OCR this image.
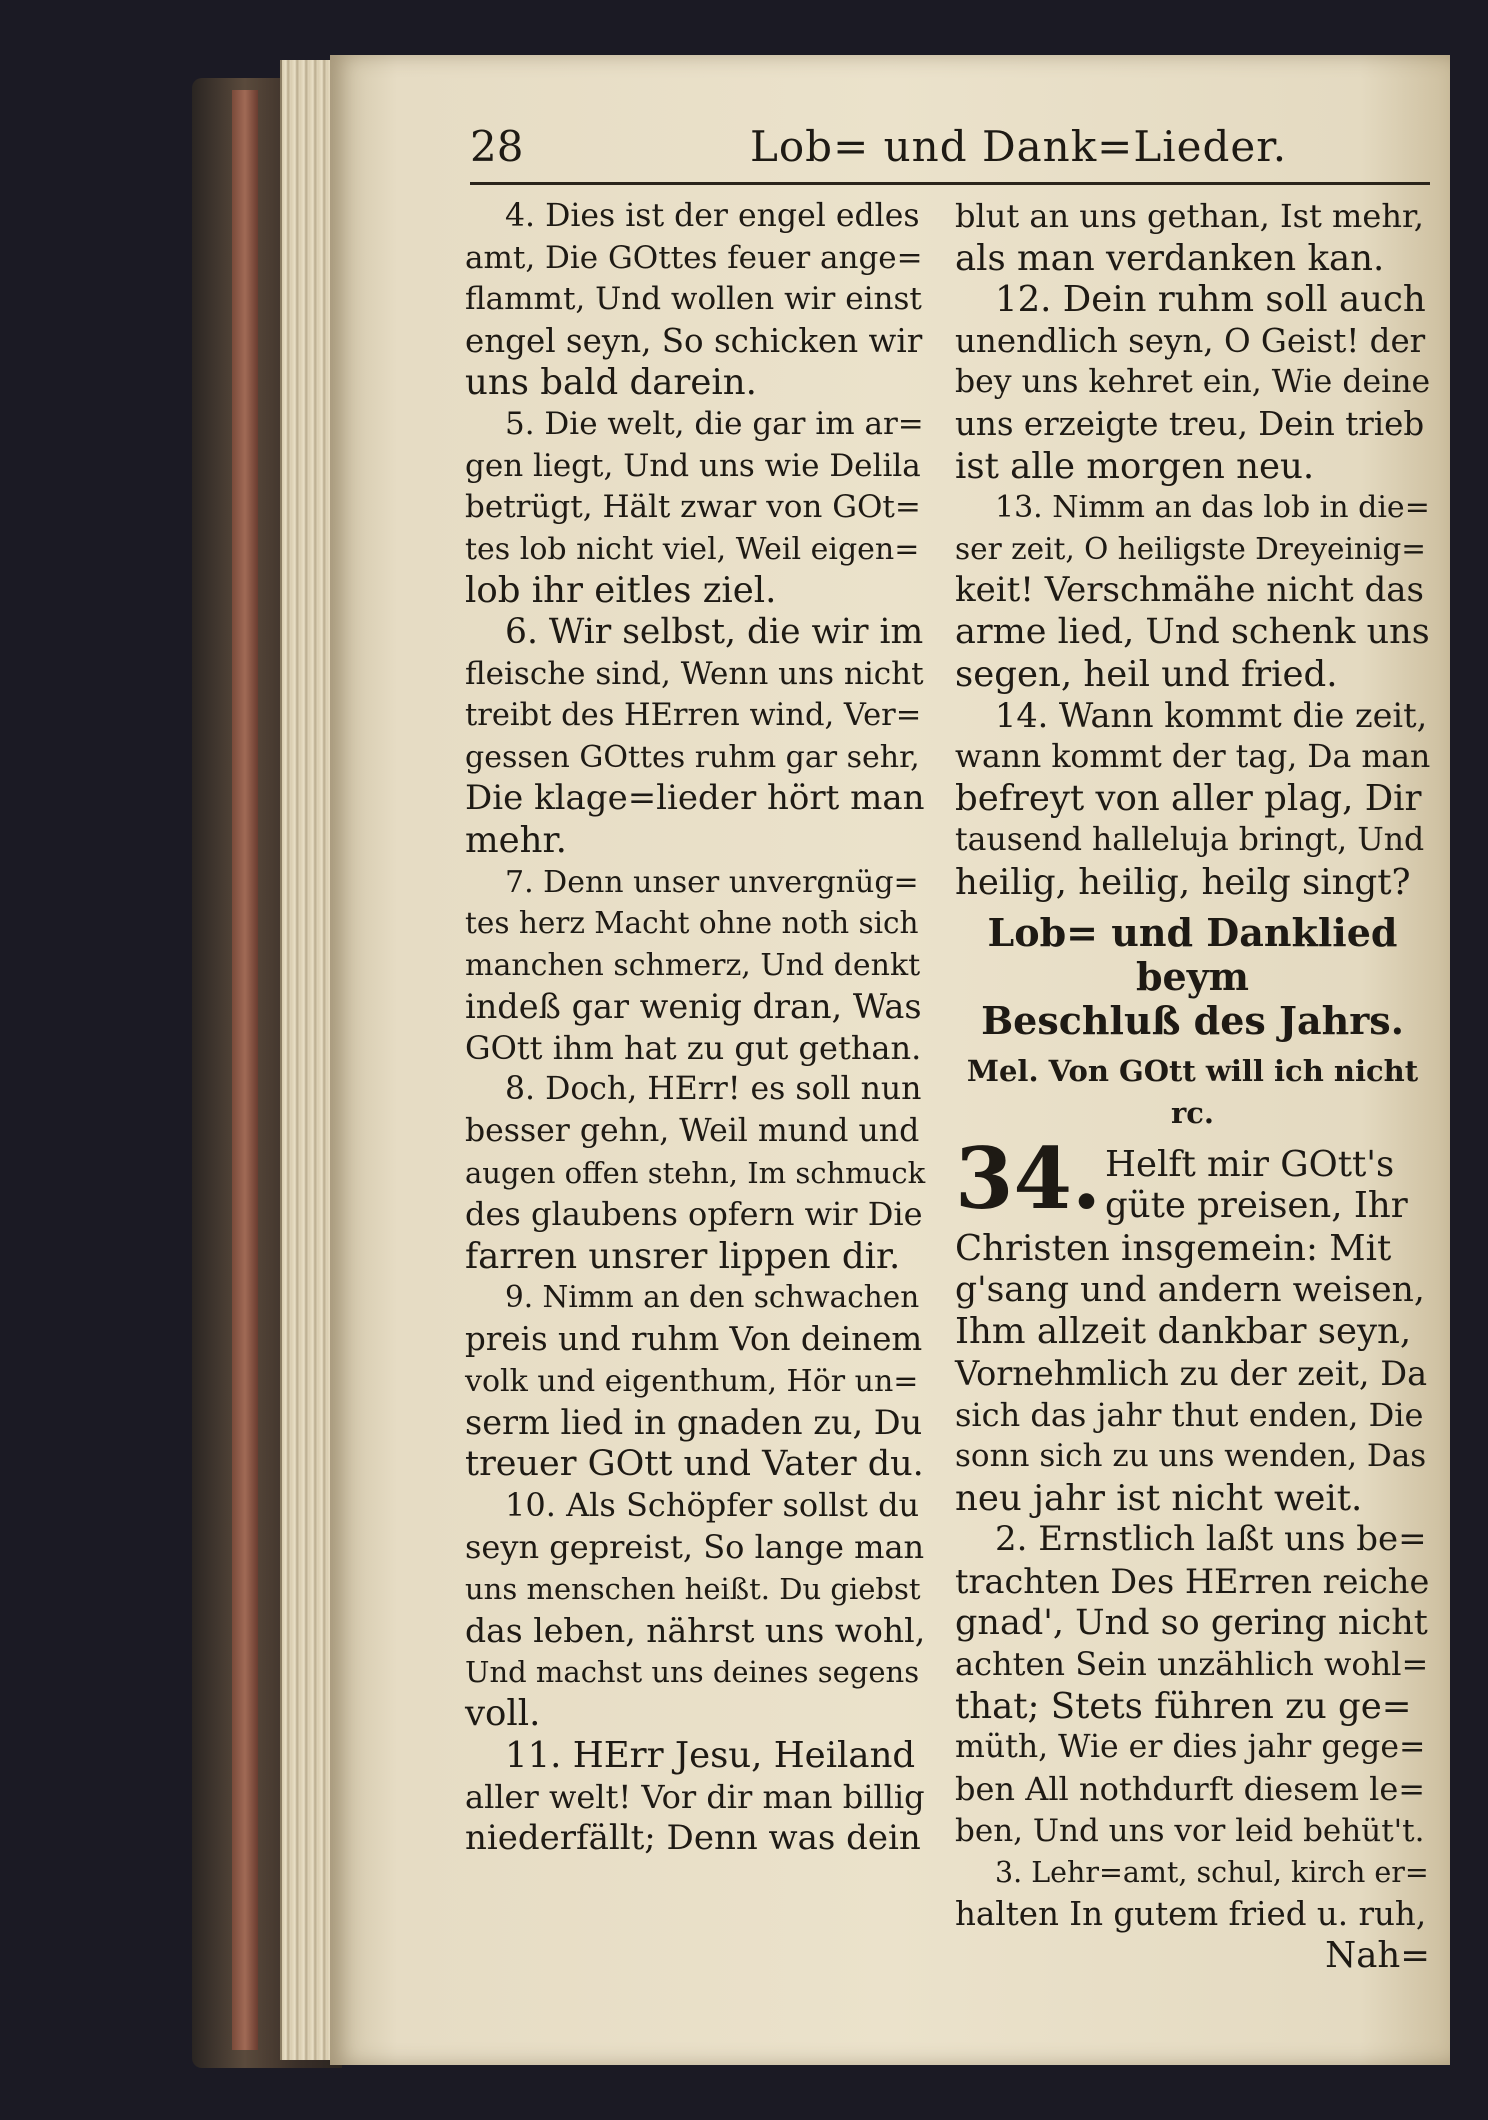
28	Lob= und Dank=Lieder.
4. Dies ist der engel edles
amt, Die GOttes feuer ange=
flammt, Und wollen wir einst
engel seyn, So schicken wir
uns bald darein.
5. Die welt, die gar im ar=
gen liegt, Und uns wie Delila
betrügt, Hält zwar von GOt=
tes lob nicht viel, Weil eigen=
lob ihr eitles ziel.
6. Wir selbst, die wir im
fleische sind, Wenn uns nicht
treibt des HErren wind, Ver=
gessen GOttes ruhm gar sehr,
Die klage=lieder hört man
mehr.
7. Denn unser unvergnüg=
tes herz Macht ohne noth sich
manchen schmerz, Und denkt
indeß gar wenig dran, Was
GOtt ihm hat zu gut gethan.
8. Doch, HErr! es soll nun
besser gehn, Weil mund und
augen offen stehn, Im schmuck
des glaubens opfern wir Die
farren unsrer lippen dir.
9. Nimm an den schwachen
preis und ruhm Von deinem
volk und eigenthum, Hör un=
serm lied in gnaden zu, Du
treuer GOtt und Vater du.
10. Als Schöpfer sollst du
seyn gepreist, So lange man
uns menschen heißt. Du giebst
das leben, nährst uns wohl,
Und machst uns deines segens
voll.
11. HErr Jesu, Heiland
aller welt! Vor dir man billig
niederfällt; Denn was dein
blut an uns gethan, Ist mehr,
als man verdanken kan.
12. Dein ruhm soll auch
unendlich seyn, O Geist! der
bey uns kehret ein, Wie deine
uns erzeigte treu, Dein trieb
ist alle morgen neu.
13. Nimm an das lob in die=
ser zeit, O heiligste Dreyeinig=
keit! Verschmähe nicht das
arme lied, Und schenk uns
segen, heil und fried.
14. Wann kommt die zeit,
wann kommt der tag, Da man
befreyt von aller plag, Dir
tausend halleluja bringt, Und
heilig, heilig, heilg singt?
Lob= und Danklied beym
Beschluß des Jahrs.
Mel. Von GOtt will ich nicht rc.
34. Helft mir GOtt's
güte preisen, Ihr
Christen insgemein: Mit
g'sang und andern weisen,
Ihm allzeit dankbar seyn,
Vornehmlich zu der zeit, Da
sich das jahr thut enden, Die
sonn sich zu uns wenden, Das
neu jahr ist nicht weit.
2. Ernstlich laßt uns be=
trachten Des HErren reiche
gnad', Und so gering nicht
achten Sein unzählich wohl=
that; Stets führen zu ge=
müth, Wie er dies jahr gege=
ben All nothdurft diesem le=
ben, Und uns vor leid behüt't.
3. Lehr=amt, schul, kirch er=
halten In gutem fried u. ruh,
Nah=
